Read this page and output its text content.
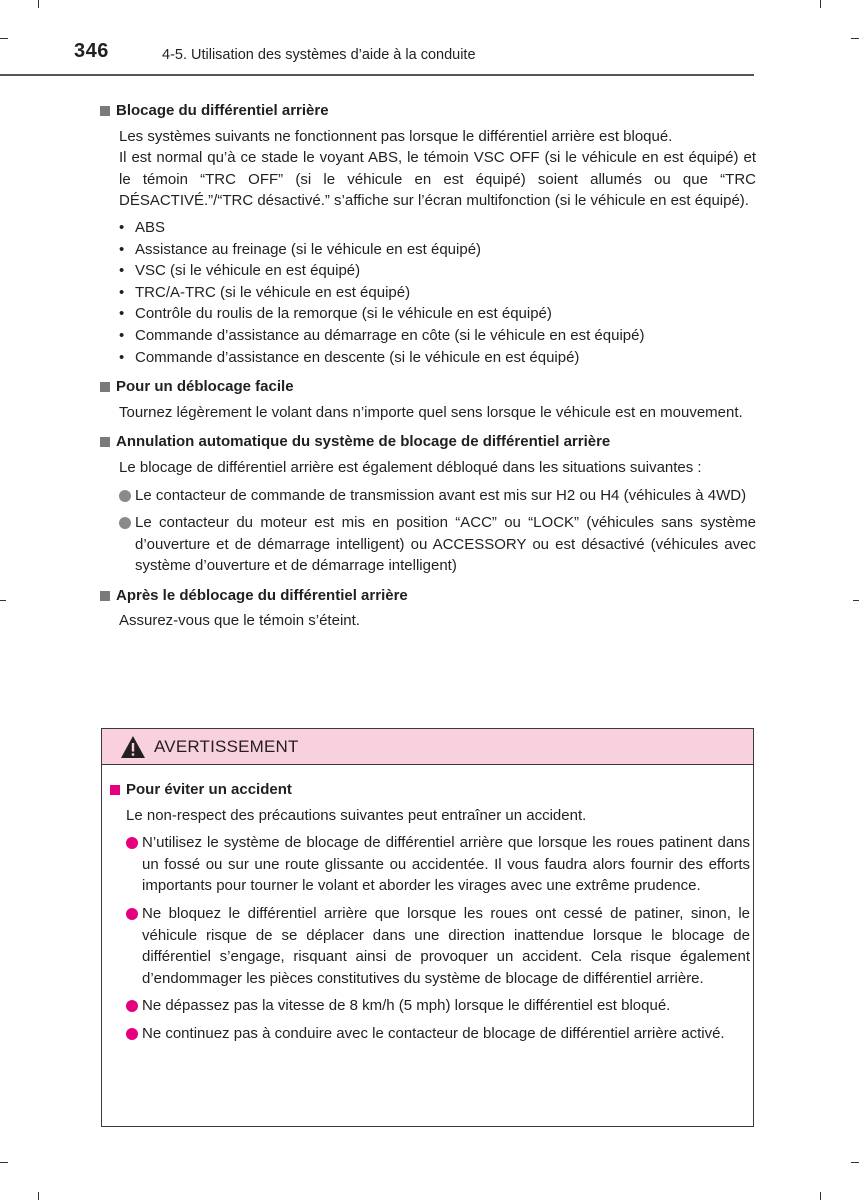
346	4-5. Utilisation des systèmes d’aide à la conduite

Blocage du différentiel arrière

Les systèmes suivants ne fonctionnent pas lorsque le différentiel arrière est bloqué.

Il est normal qu’à ce stade le voyant ABS, le témoin VSC OFF (si le véhicule en est équipé) et le témoin “TRC OFF” (si le véhicule en est équipé) soient allumés ou que “TRC DÉSACTIVÉ.”/“TRC désactivé.” s’affiche sur l’écran multifonction (si le véhicule en est équipé).

• ABS
• Assistance au freinage (si le véhicule en est équipé)
• VSC (si le véhicule en est équipé)
• TRC/A-TRC (si le véhicule en est équipé)
• Contrôle du roulis de la remorque (si le véhicule en est équipé)
• Commande d’assistance au démarrage en côte (si le véhicule en est équipé)
• Commande d’assistance en descente (si le véhicule en est équipé)

Pour un déblocage facile

Tournez légèrement le volant dans n’importe quel sens lorsque le véhicule est en mouvement.

Annulation automatique du système de blocage de différentiel arrière

Le blocage de différentiel arrière est également débloqué dans les situations suivantes :

Le contacteur de commande de transmission avant est mis sur H2 ou H4 (véhicules à 4WD)
Le contacteur du moteur est mis en position “ACC” ou “LOCK” (véhicules sans système d’ouverture et de démarrage intelligent) ou ACCESSORY ou est désactivé (véhicules avec système d’ouverture et de démarrage intelligent)

Après le déblocage du différentiel arrière

Assurez-vous que le témoin s’éteint.

AVERTISSEMENT

Pour éviter un accident

Le non-respect des précautions suivantes peut entraîner un accident.

N’utilisez le système de blocage de différentiel arrière que lorsque les roues patinent dans un fossé ou sur une route glissante ou accidentée. Il vous faudra alors fournir des efforts importants pour tourner le volant et aborder les virages avec une extrême prudence.
Ne bloquez le différentiel arrière que lorsque les roues ont cessé de patiner, sinon, le véhicule risque de se déplacer dans une direction inattendue lorsque le blocage de différentiel s’engage, risquant ainsi de provoquer un accident. Cela risque également d’endommager les pièces constitutives du système de blocage de différentiel arrière.
Ne dépassez pas la vitesse de 8 km/h (5 mph) lorsque le différentiel est bloqué.
Ne continuez pas à conduire avec le contacteur de blocage de différentiel arrière activé.
